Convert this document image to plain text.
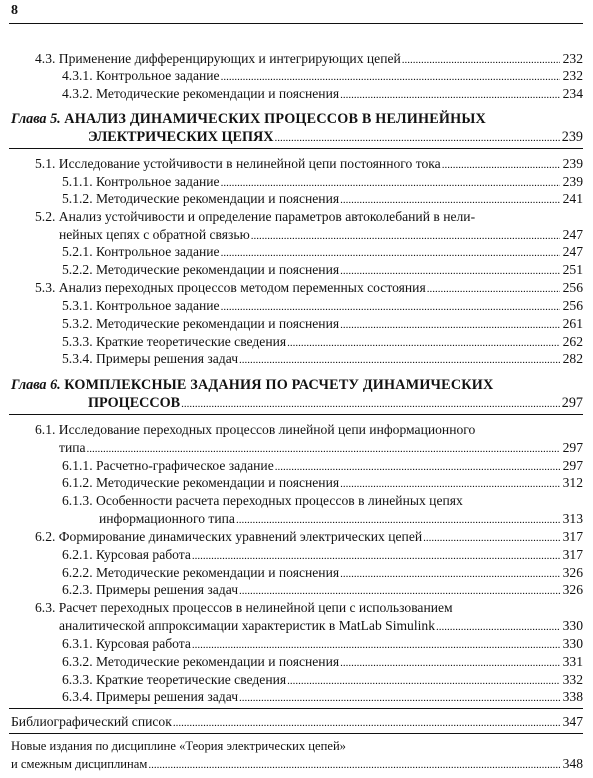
8
4.3. Применение дифференцирующих и интегрирующих цепей .....	232
4.3.1. Контрольное задание .....	232
4.3.2. Методические рекомендации и пояснения .....	234
Глава 5. АНАЛИЗ ДИНАМИЧЕСКИХ ПРОЦЕССОВ В НЕЛИНЕЙНЫХ
ЭЛЕКТРИЧЕСКИХ ЦЕПЯХ .....	239
5.1. Исследование устойчивости в нелинейной цепи постоянного тока .....	239
5.1.1. Контрольное задание .....	239
5.1.2. Методические рекомендации и пояснения .....	241
5.2. Анализ устойчивости и определение параметров автоколебаний в нели-
нейных цепях с обратной связью .....	247
5.2.1. Контрольное задание .....	247
5.2.2. Методические рекомендации и пояснения .....	251
5.3. Анализ переходных процессов методом переменных состояния .....	256
5.3.1. Контрольное задание .....	256
5.3.2. Методические рекомендации и пояснения .....	261
5.3.3. Краткие теоретические сведения .....	262
5.3.4. Примеры решения задач .....	282
Глава 6. КОМПЛЕКСНЫЕ ЗАДАНИЯ ПО РАСЧЕТУ ДИНАМИЧЕСКИХ
ПРОЦЕССОВ .....	297
6.1. Исследование переходных процессов линейной цепи информационного
типа .....	297
6.1.1. Расчетно-графическое задание .....	297
6.1.2. Методические рекомендации и пояснения .....	312
6.1.3. Особенности расчета переходных процессов в линейных цепях
информационного типа .....	313
6.2. Формирование динамических уравнений электрических цепей .....	317
6.2.1. Курсовая работа .....	317
6.2.2. Методические рекомендации и пояснения .....	326
6.2.3. Примеры решения задач .....	326
6.3. Расчет переходных процессов в нелинейной цепи с использованием
аналитической аппроксимации характеристик в MatLab Simulink .....	330
6.3.1. Курсовая работа .....	330
6.3.2. Методические рекомендации и пояснения .....	331
6.3.3. Краткие теоретические сведения .....	332
6.3.4. Примеры решения задач .....	338
Библиографический список .....	347
Новые издания по дисциплине «Теория электрических цепей»
и смежным дисциплинам .....	348
